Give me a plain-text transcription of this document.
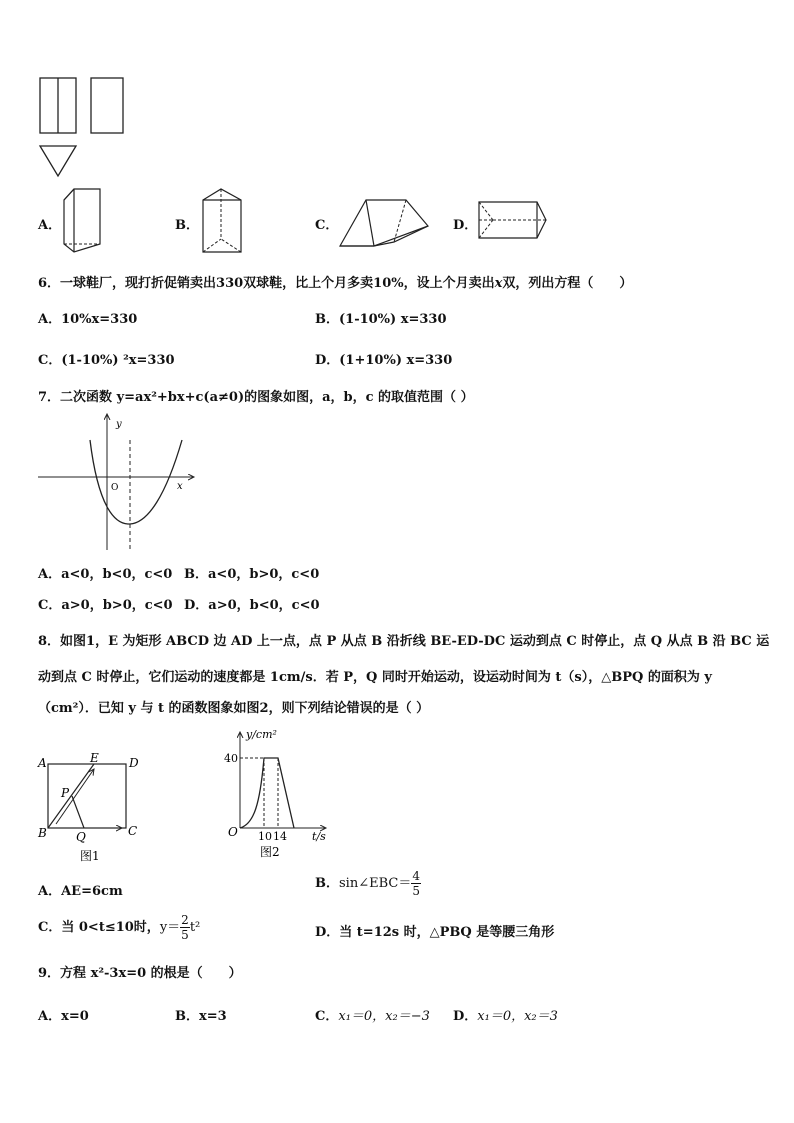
A．	B．	C．	D．
6．一球鞋厂，现打折促销卖出330双球鞋，比上个月多卖10%，设上个月卖出x双，列出方程（　　）
A．10%x=330	B．(1-10%) x=330
C．(1-10%) ²x=330	D．(1+10%) x=330
7．二次函数 y=ax²+bx+c(a≠0)的图象如图，a，b，c 的取值范围（ ）
y
x
O
A．a<0，b<0，c<0 B．a<0，b>0，c<0
C．a>0，b>0，c<0 D．a>0，b<0，c<0
8．如图1，E 为矩形 ABCD 边 AD 上一点，点 P 从点 B 沿折线 BE-ED-DC 运动到点 C 时停止，点 Q 从点 B 沿 BC 运
动到点 C 时停止，它们运动的速度都是 1cm/s．若 P，Q 同时开始运动，设运动时间为 t（s），△BPQ 的面积为 y
（cm²）．已知 y 与 t 的函数图象如图2，则下列结论错误的是（ ）
A	E	D
P
B Q	C
图1
y/cm²
40
O 10 14 t/s
图2
A．AE=6cm
B．sin∠EBC＝ $\frac{4}{5}$
C．当 0<t≤10时，$y= \frac{2}{5} t^2$	D．当 t=12s 时，△PBQ 是等腰三角形
9．方程 x²-3x=0 的根是（　　）
A．x=0	B．x=3	C．x₁＝0，x₂＝−3 D．x₁＝0，x₂＝3
